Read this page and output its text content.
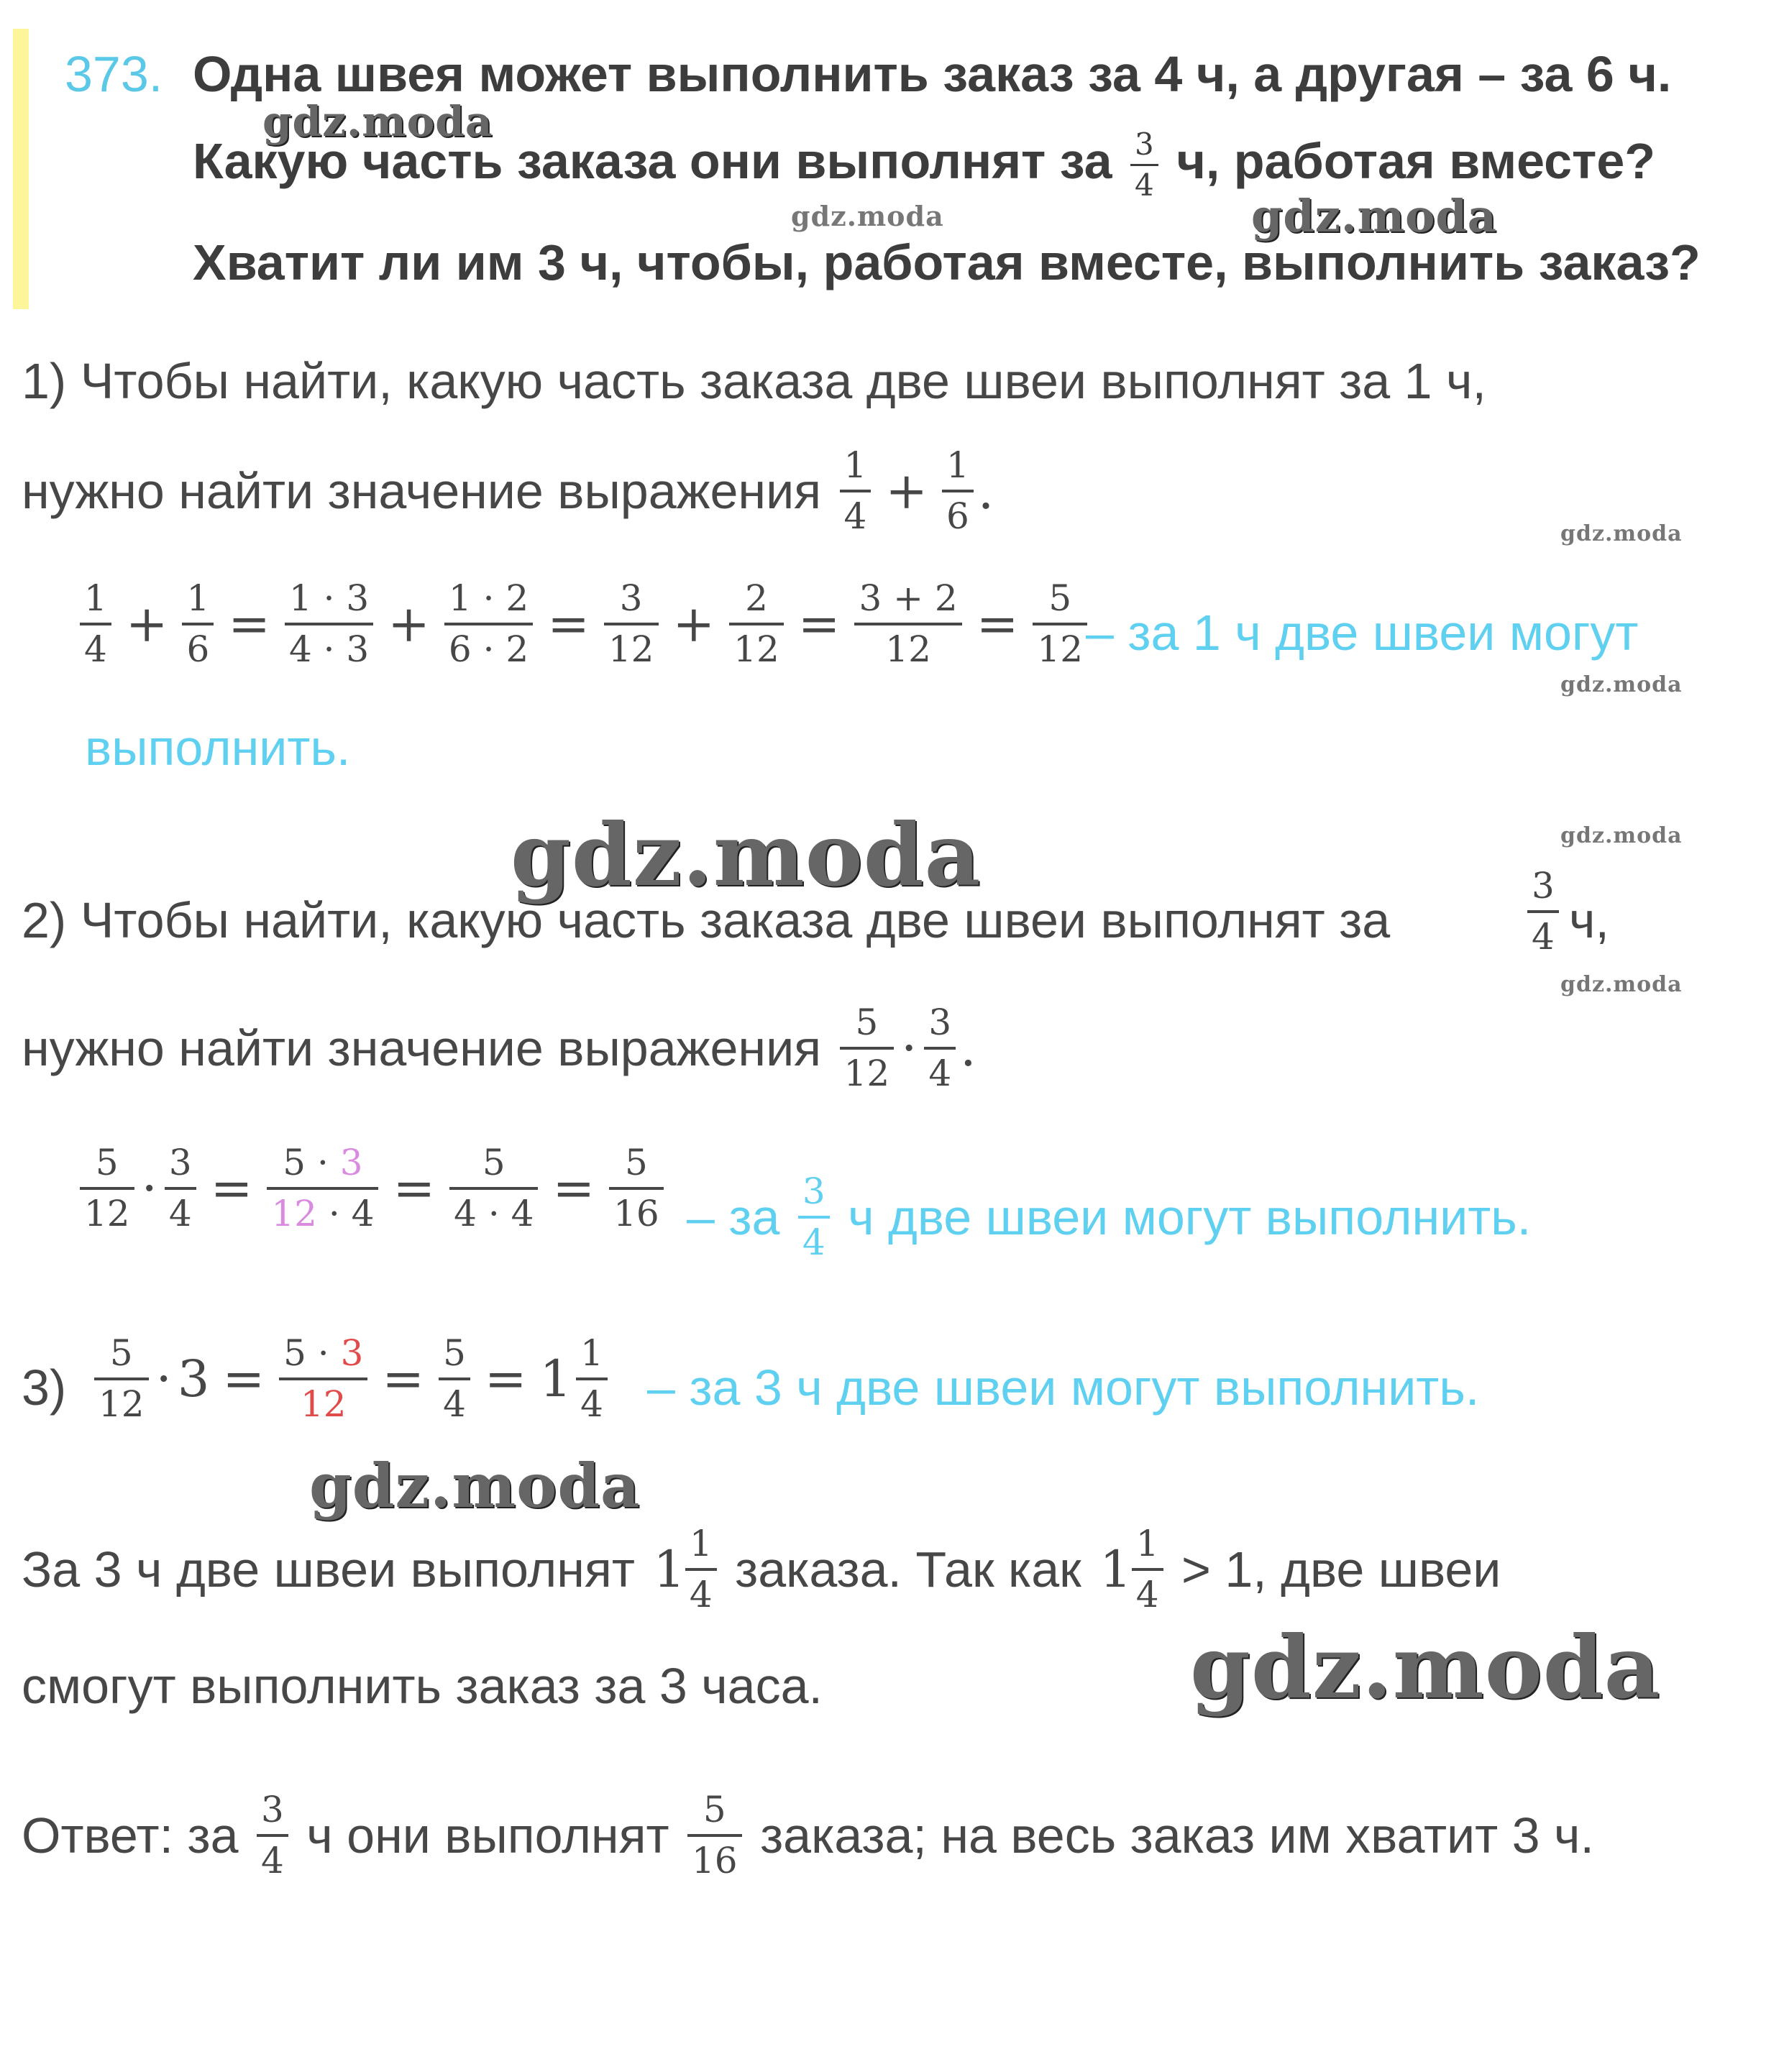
373. Одна швея может выполнить заказ за 4 ч, а другая – за 6 ч.
Какую часть заказа они выполнят за $\frac{3}{4} ч$, работая вместе?
Хватит ли им 3 ч, чтобы, работая вместе, выполнить заказ?
1) Чтобы найти, какую часть заказа две швеи выполнят за 1 ч,
нужно найти значение выражения $\frac{1}{4} + \frac{1}{6}$ .
$\frac{1}{4} + \frac{1}{6} = \frac{1 \cdot 3}{4 \cdot 3} + \frac{1 \cdot 2}{6 \cdot 2} = \frac{3}{12} + \frac{2}{12} = \frac{3 + 2}{12} = \frac{5}{12}$
– за 1 ч две швеи могут
выполнить.
2) Чтобы найти, какую часть заказа две швеи выполнят за	$\frac{3}{4} ч$,
нужно найти значение выражения $\frac{5}{12} \cdot \frac{3}{4}$ .
$\frac{5}{12} \cdot \frac{3}{4} = \frac{5 \cdot 3}{12 \cdot 4} = \frac{5}{4 \cdot 4} = \frac{5}{16}$ – за $\frac{3}{4}$ ч две швеи могут выполнить.
$3) \frac{5}{12} \cdot 3 = \frac{5 \cdot 3}{12} = \frac{5}{4} = 1 \frac{1}{4}$ – за 3 ч две швеи могут выполнить.
За 3 ч две швеи выполнят $1 \frac{1}{4}$ заказа. Так как $1 \frac{1}{4} > 1$, две швеи
смогут выполнить заказ за 3 часа.
Ответ: за $\frac{3}{4}$ ч они выполнят $\frac{5}{16}$ заказа; на весь заказ им хватит 3 ч.
gdz.moda
gdz.moda	gdz.moda
gdz.moda
gdz.moda
gdz.moda	gdz.moda
gdz.moda
gdz.moda
gdz.moda
